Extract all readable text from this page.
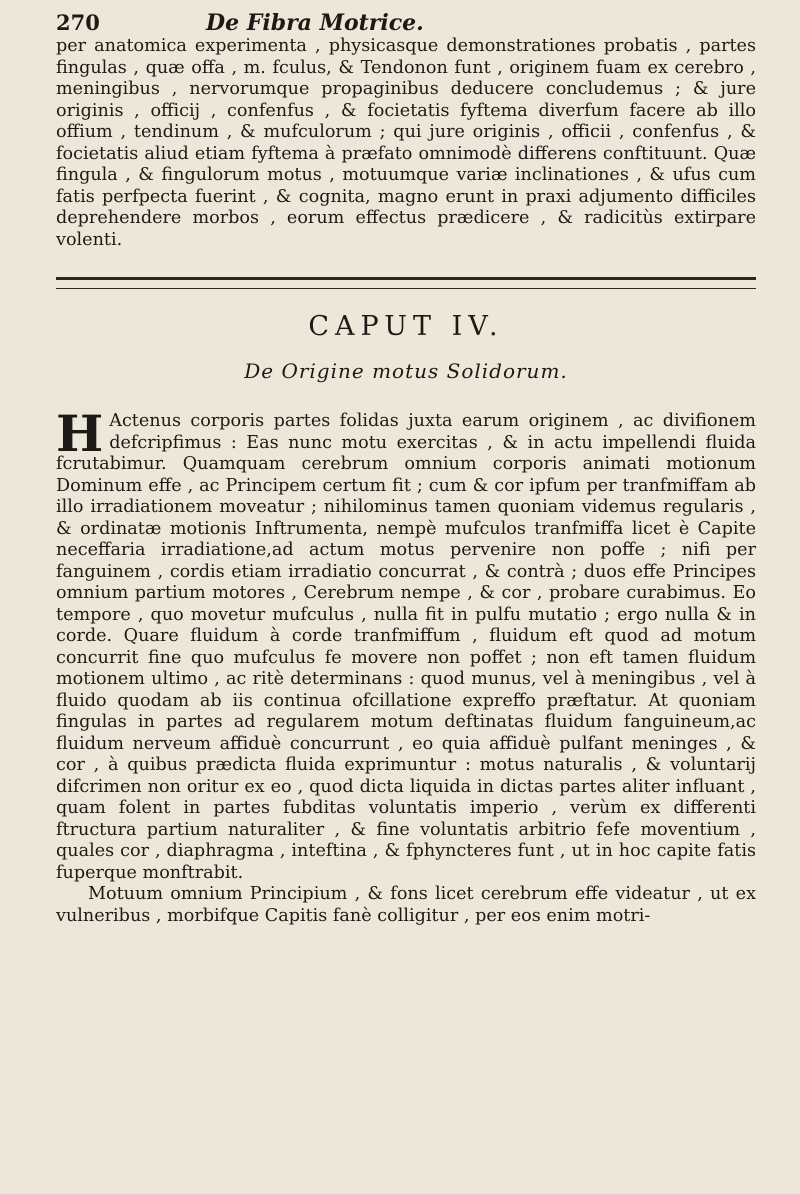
270	De Fibra Motrice.

per anatomica experimenta , physicasque demonstrationes probatis , partes fingulas , quæ offa , m. fculus, & Tendonon funt , originem fuam ex cerebro , meningibus , nervorumque propaginibus deducere concludemus ; & jure originis , officij , confenfus , & focietatis fyftema diverfum facere ab illo offium , tendinum , & mufculorum ; qui jure originis , officii , confenfus , & focietatis aliud etiam fyftema à præfato omnimodè differens conftituunt. Quæ fingula , & fingulorum motus , motuumque variæ inclinationes , & ufus cum fatis perfpecta fuerint , & cognita, magno erunt in praxi adjumento difficiles deprehendere morbos , eorum effectus prædicere , & radicitùs extirpare volenti.

CAPUT IV.
De Origine motus Solidorum.

H Actenus corporis partes folidas juxta earum originem , ac divifionem defcripfimus : Eas nunc motu exercitas , & in actu impellendi fluida fcrutabimur. Quamquam cerebrum omnium corporis animati motionum Dominum effe , ac Principem certum fit ; cum & cor ipfum per tranfmiffam ab illo irradiationem moveatur ; nihilominus tamen quoniam videmus regularis , & ordinatæ motionis Inftrumenta, nempè mufculos tranfmiffa licet è Capite neceffaria irradiatione,ad actum motus pervenire non poffe ; nifi per fanguinem , cordis etiam irradiatio concurrat , & contrà ; duos effe Principes omnium partium motores , Cerebrum nempe , & cor , probare curabimus. Eo tempore , quo movetur mufculus , nulla fit in pulfu mutatio ; ergo nulla & in corde. Quare fluidum à corde tranfmiffum , fluidum eft quod ad motum concurrit fine quo mufculus fe movere non poffet ; non eft tamen fluidum motionem ultimo , ac ritè determinans : quod munus, vel à meningibus , vel à fluido quodam ab iis continua ofcillatione expreffo præftatur. At quoniam fingulas in partes ad regularem motum deftinatas fluidum fanguineum,ac fluidum nerveum affiduè concurrunt , eo quia affiduè pulfant meninges , & cor , à quibus prædicta fluida exprimuntur : motus naturalis , & voluntarij difcrimen non oritur ex eo , quod dicta liquida in dictas partes aliter influant , quam folent in partes fubditas voluntatis imperio , verùm ex differenti ftructura partium naturaliter , & fine voluntatis arbitrio fefe moventium , quales cor , diaphragma , inteftina , & fphyncteres funt , ut in hoc capite fatis fuperque monftrabit.

Motuum omnium Principium , & fons licet cerebrum effe videatur , ut ex vulneribus , morbifque Capitis fanè colligitur , per eos enim motri-
